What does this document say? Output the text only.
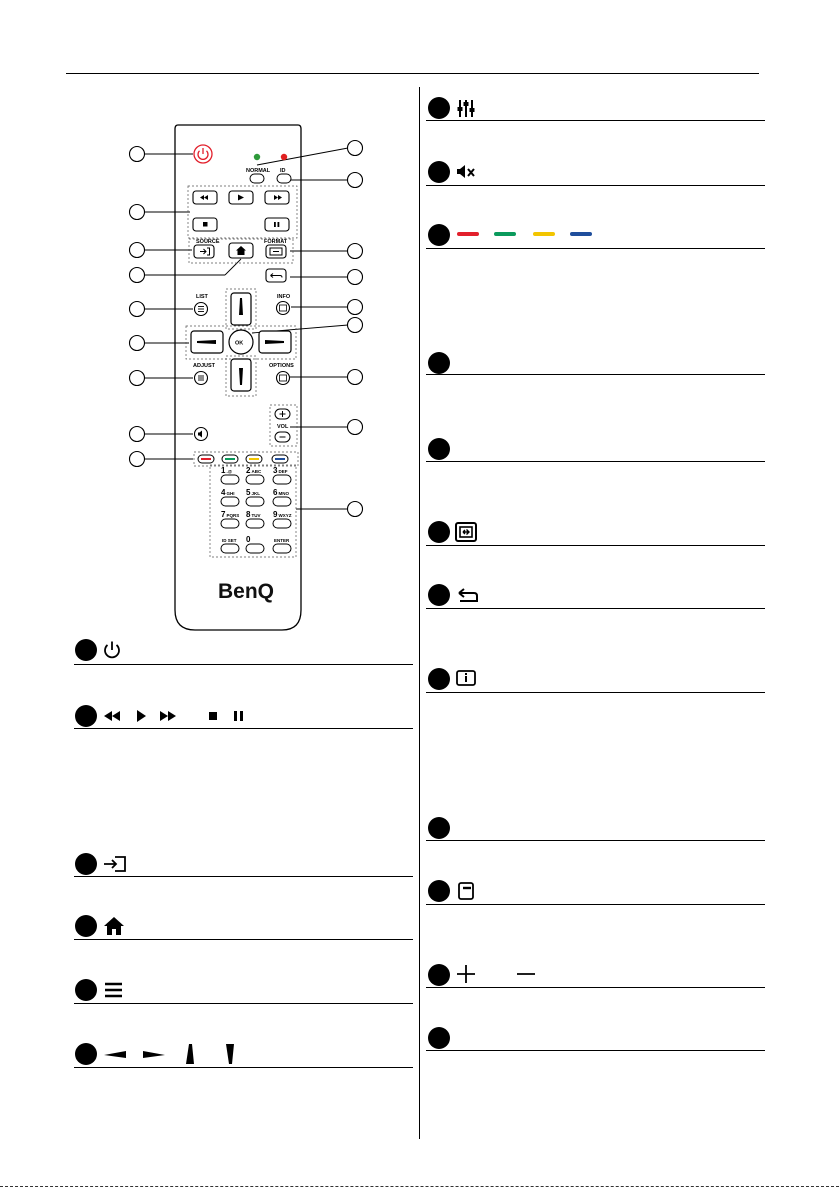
NORMAL ID
SOURCE	FORMAT
OK
LIST	INFO
ADJUST	OPTIONS
VOL
1.@ 2ABC 3DEF
4GHI 5JKL 6MNO
7PQRS 8TUV 9WXYZ
ID SET 0	ENTER
BenQ
